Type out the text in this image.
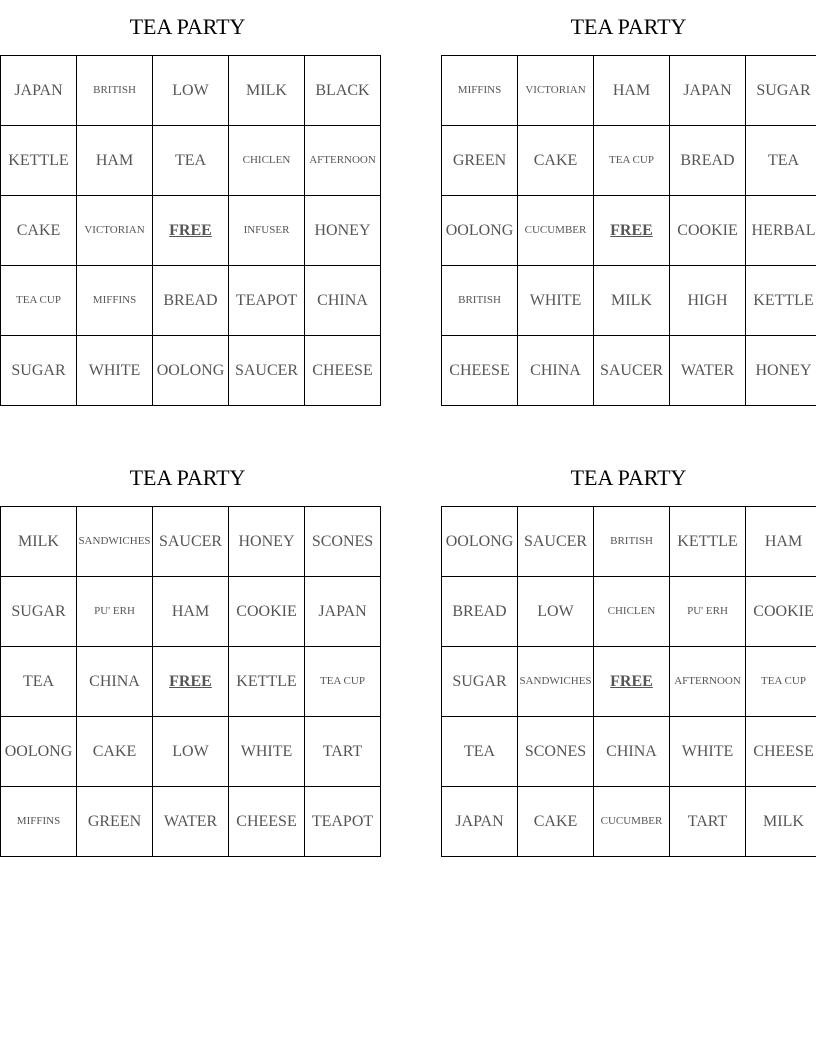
TEA PARTY
JAPAN	BRITISH	LOW	MILK	BLACK
KETTLE	HAM	TEA	CHICLEN	AFTERNOON
CAKE	VICTORIAN	FREE	INFUSER	HONEY
TEA CUP	MIFFINS	BREAD	TEAPOT	CHINA
SUGAR	WHITE	OOLONG	SAUCER	CHEESE
TEA PARTY
MIFFINS	VICTORIAN	HAM	JAPAN	SUGAR
GREEN	CAKE	TEA CUP	BREAD	TEA
OOLONG	CUCUMBER	FREE	COOKIE	HERBAL
BRITISH	WHITE	MILK	HIGH	KETTLE
CHEESE	CHINA	SAUCER	WATER	HONEY
TEA PARTY
MILK	SANDWICHES	SAUCER	HONEY	SCONES
SUGAR	PU' ERH	HAM	COOKIE	JAPAN
TEA	CHINA	FREE	KETTLE	TEA CUP
OOLONG	CAKE	LOW	WHITE	TART
MIFFINS	GREEN	WATER	CHEESE	TEAPOT
TEA PARTY
OOLONG	SAUCER	BRITISH	KETTLE	HAM
BREAD	LOW	CHICLEN	PU' ERH	COOKIE
SUGAR	SANDWICHES	FREE	AFTERNOON	TEA CUP
TEA	SCONES	CHINA	WHITE	CHEESE
JAPAN	CAKE	CUCUMBER	TART	MILK
